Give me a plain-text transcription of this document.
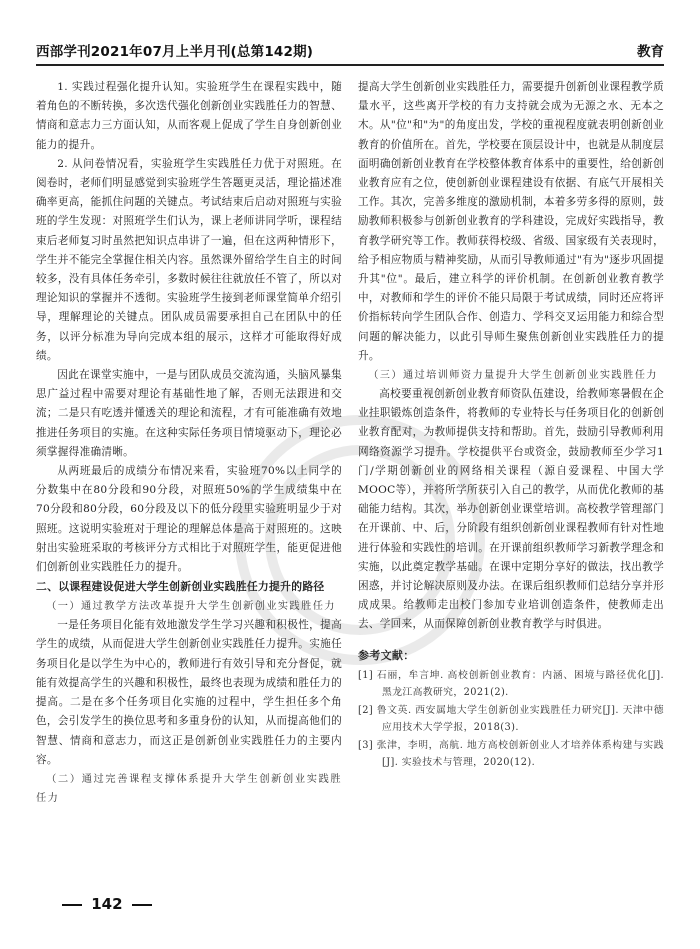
西部学刊2021年07月上半月刊(总第142期)	教育

1. 实践过程强化提升认知。实验班学生在课程实践中，随着角色的不断转换，多次迭代强化创新创业实践胜任力的智慧、情商和意志力三方面认知，从而客观上促成了学生自身创新创业能力的提升。

2. 从问卷情况看，实验班学生实践胜任力优于对照班。在阅卷时，老师们明显感觉到实验班学生答题更灵活，理论描述准确率更高，能抓住问题的关键点。考试结束后启动对照班与实验班的学生发现：对照班学生们认为，课上老师讲同学听，课程结束后老师复习时虽然把知识点串讲了一遍，但在这两种情形下，学生并不能完全掌握住相关内容。虽然课外留给学生自主的时间较多，没有具体任务牵引，多数时候往往就放任不管了，所以对理论知识的掌握并不透彻。实验班学生接到老师课堂简单介绍引导，理解理论的关键点。团队成员需要承担自己在团队中的任务，以评分标准为导向完成本组的展示，这样才可能取得好成绩。

因此在课堂实施中，一是与团队成员交流沟通，头脑风暴集思广益过程中需要对理论有基础性地了解，否则无法跟进和交流；二是只有吃透并懂透关的理论和流程，才有可能准确有效地推进任务项目的实施。在这种实际任务项目情境驱动下，理论必须掌握得准确清晰。

从两班最后的成绩分布情况来看，实验班70%以上同学的分数集中在80分段和90分段，对照班50%的学生成绩集中在70分段和80分段，60分段及以下的低分段里实验班明显少于对照班。这说明实验班对于理论的理解总体是高于对照班的。这映射出实验班采取的考核评分方式相比于对照班学生，能更促进他们创新创业实践胜任力的提升。

二、以课程建设促进大学生创新创业实践胜任力提升的路径
（一）通过教学方法改革提升大学生创新创业实践胜任力

一是任务项目化能有效地激发学生学习兴趣和积极性，提高学生的成绩，从而促进大学生创新创业实践胜任力提升。实施任务项目化是以学生为中心的，教师进行有效引导和充分督促，就能有效提高学生的兴趣和积极性，最终也表现为成绩和胜任力的提高。二是在多个任务项目化实施的过程中，学生担任多个角色，会引发学生的换位思考和多重身份的认知，从而提高他们的智慧、情商和意志力，而这正是创新创业实践胜任力的主要内容。

（二）通过完善课程支撑体系提升大学生创新创业实践胜任力

提高大学生创新创业实践胜任力，需要提升创新创业课程教学质量水平，这些离开学校的有力支持就会成为无源之水、无本之木。从"位"和"为"的角度出发，学校的重视程度就表明创新创业教育的价值所在。首先，学校要在顶层设计中，也就是从制度层面明确创新创业教育在学校整体教育体系中的重要性，给创新创业教育应有之位，使创新创业课程建设有依据、有底气开展相关工作。其次，完善多维度的激励机制，本着多劳多得的原则，鼓励教师积极参与创新创业教育的学科建设，完成好实践指导，教育教学研究等工作。教师获得校级、省级、国家级有关表现时，给予相应物质与精神奖励，从而引导教师通过"有为"逐步巩固提升其"位"。最后，建立科学的评价机制。在创新创业教育教学中，对教师和学生的评价不能只局限于考试成绩，同时还应将评价指标转向学生团队合作、创造力、学科交叉运用能力和综合型问题的解决能力，以此引导师生聚焦创新创业实践胜任力的提升。

（三）通过培训师资力量提升大学生创新创业实践胜任力

高校要重视创新创业教育师资队伍建设，给教师寒暑假在企业挂职锻炼创造条件，将教师的专业特长与任务项目化的创新创业教育配对，为教师提供支持和帮助。首先，鼓励引导教师利用网络资源学习提升。学校提供平台或资金，鼓励教师至少学习1门/学期创新创业的网络相关课程（源自爱课程、中国大学MOOC等），并将所学所获引入自己的教学，从而优化教师的基础能力结构。其次，举办创新创业课堂培训。高校教学管理部门在开课前、中、后，分阶段有组织创新创业课程教师有针对性地进行体验和实践性的培训。在开课前组织教师学习新教学理念和实施，以此奠定教学基础。在课中定期分享好的做法，找出教学困惑，并讨论解决原则及办法。在课后组织教师们总结分享并形成成果。给教师走出校门参加专业培训创造条件，使教师走出去、学回来，从而保障创新创业教育教学与时俱进。

参考文献：
[1] 石丽，牟言坤. 高校创新创业教育：内涵、困境与路径优化[J]. 黑龙江高教研究，2021(2).
[2] 鲁文英. 西安属地大学生创新创业实践胜任力研究[J]. 天津中德应用技术大学学报，2018(3).
[3] 张津，李明，高航. 地方高校创新创业人才培养体系构建与实践[J]. 实验技术与管理，2020(12).
142
